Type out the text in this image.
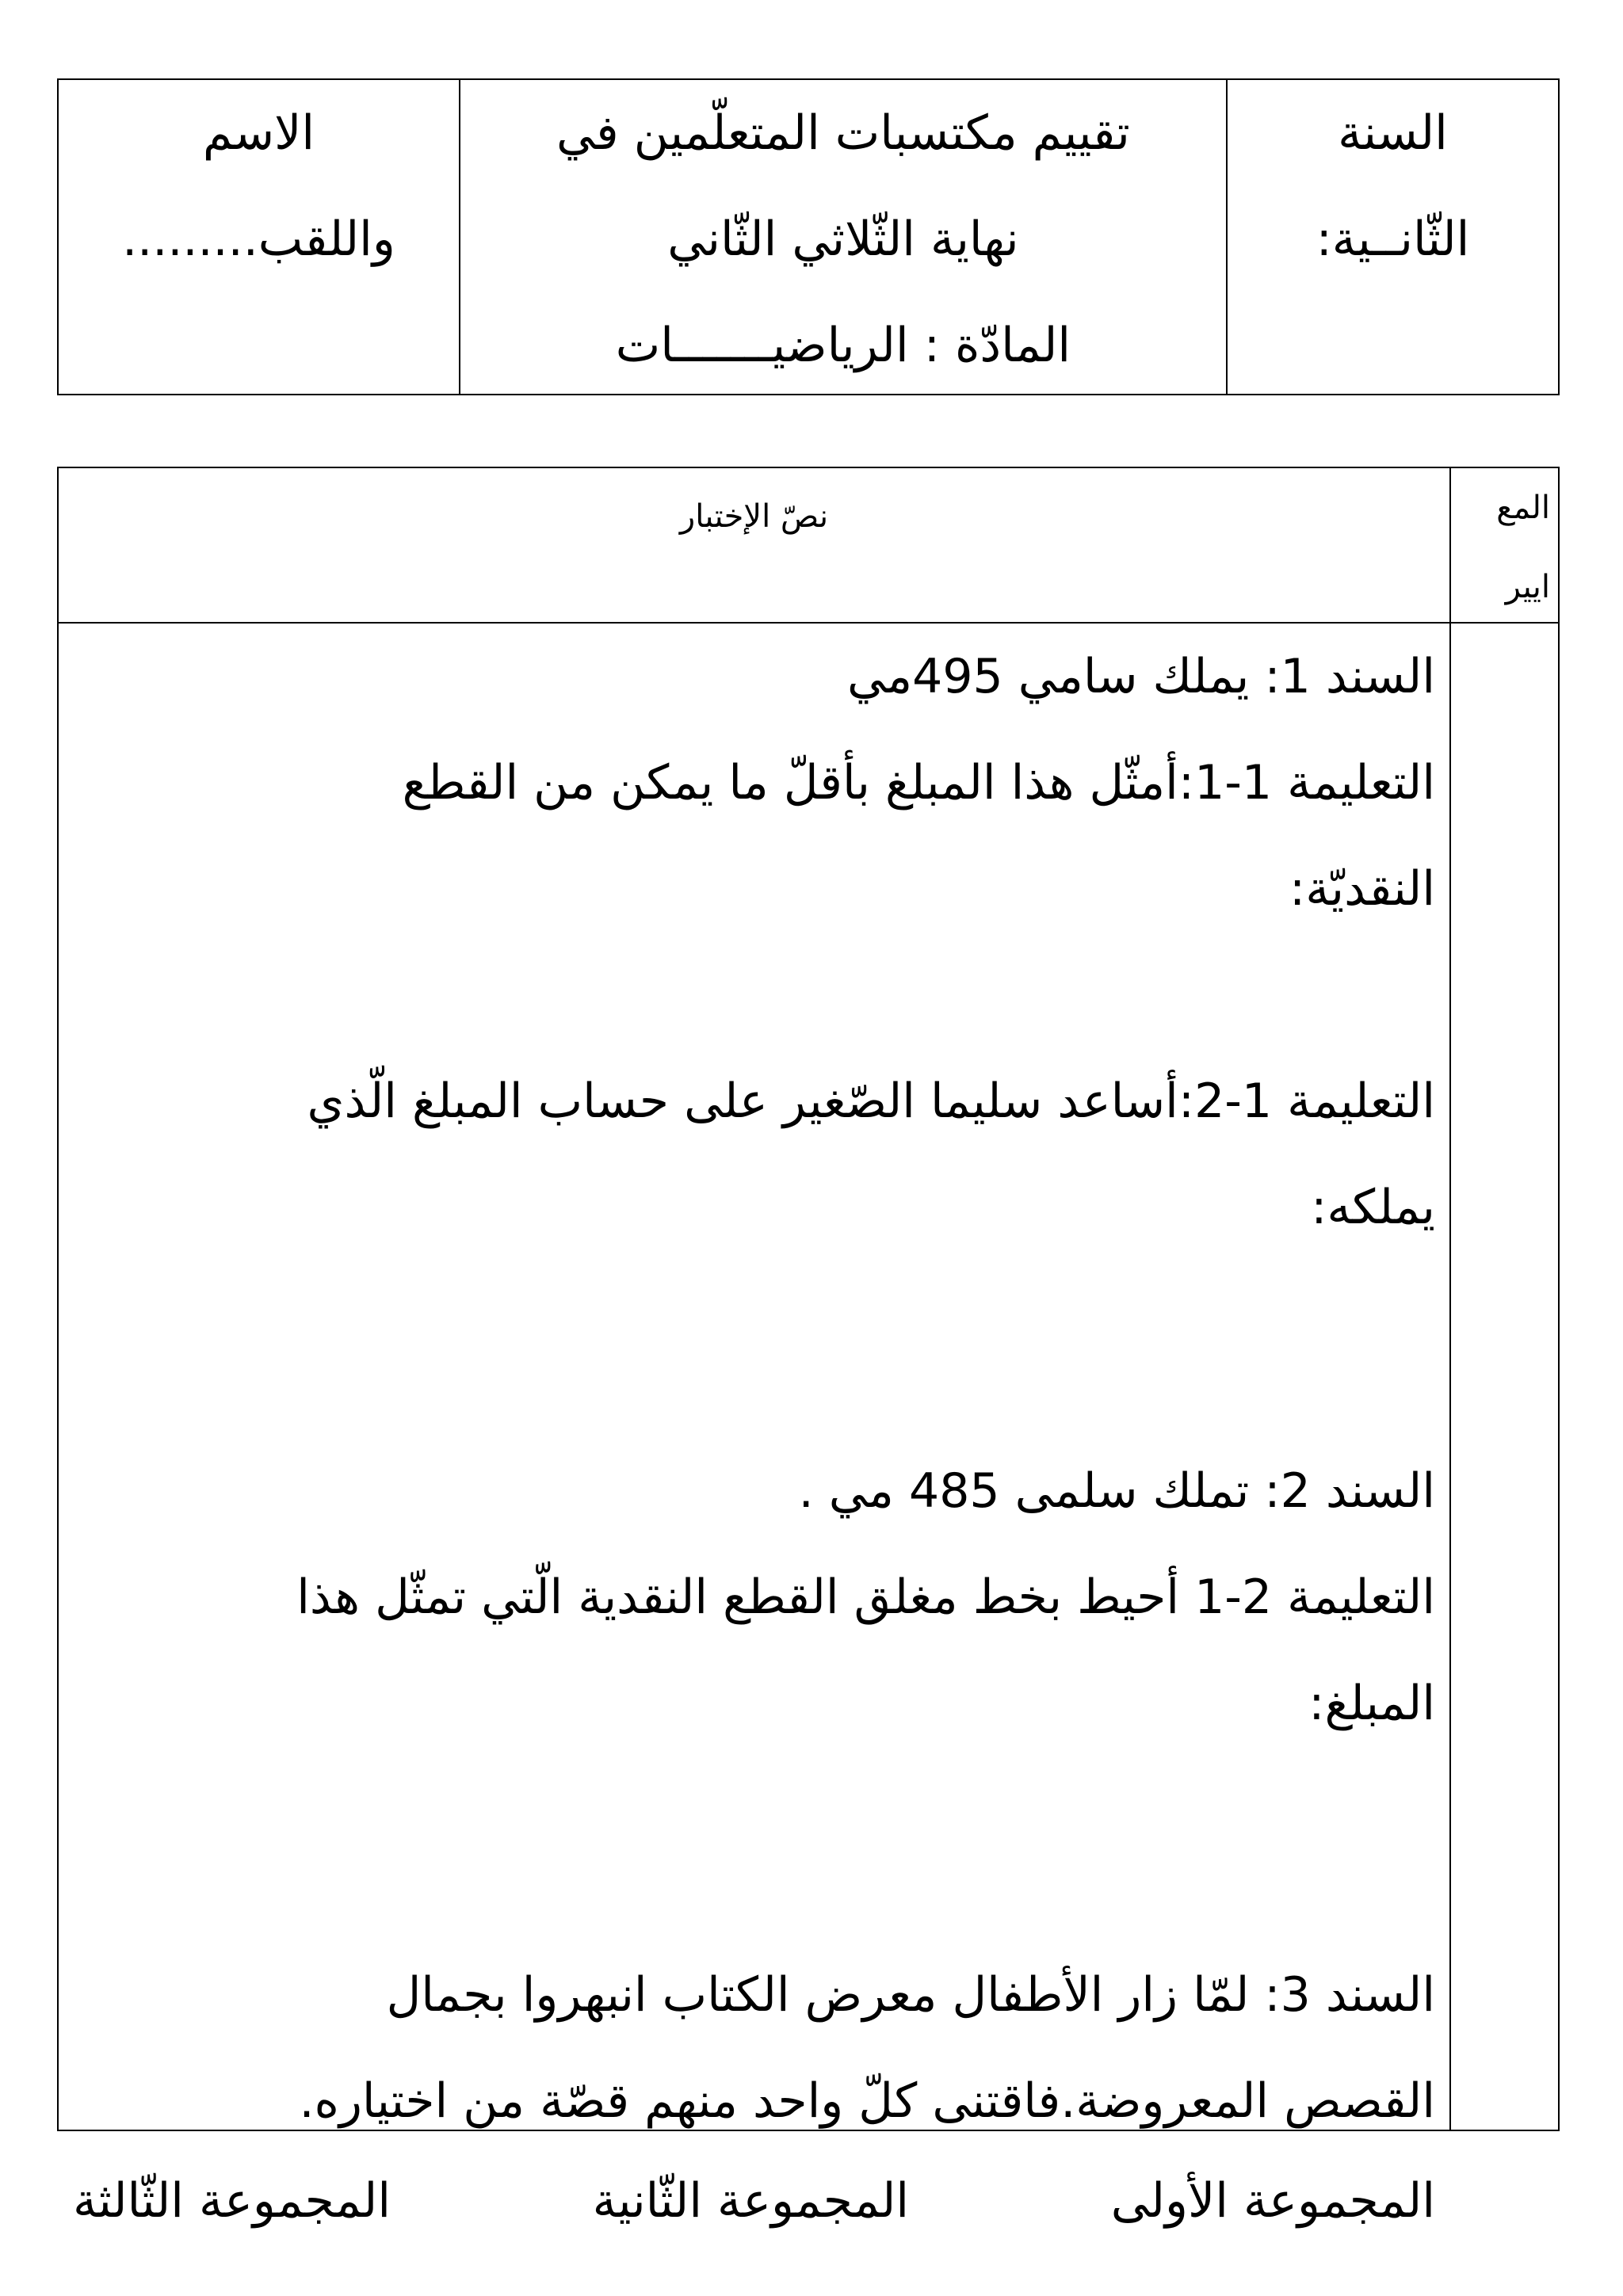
الاسم
واللقب.........
تقييم مكتسبات المتعلّمين في
نهاية الثّلاثي الثّاني
المادّة : الرياضيـــــــات
السنة
الثّانــية:
نصّ الإختبار	المع
ايير
السند 1: يملك سامي 495مي
التعليمة 1-1:أمثّل هذا المبلغ بأقلّ ما يمكن من القطع
النقديّة:
التعليمة 1-2:أساعد سليما الصّغير على حساب المبلغ الّذي
يملكه:
السند 2: تملك سلمى 485 مي .
التعليمة 2-1 أحيط بخط مغلق القطع النقدية الّتي تمثّل هذا
المبلغ:
السند 3: لمّا زار الأطفال معرض الكتاب انبهروا بجمال
القصص المعروضة.فاقتنى كلّ واحد منهم قصّة من اختياره.
المجموعة الأولى
المجموعة الثّانية
المجموعة الثّالثة
